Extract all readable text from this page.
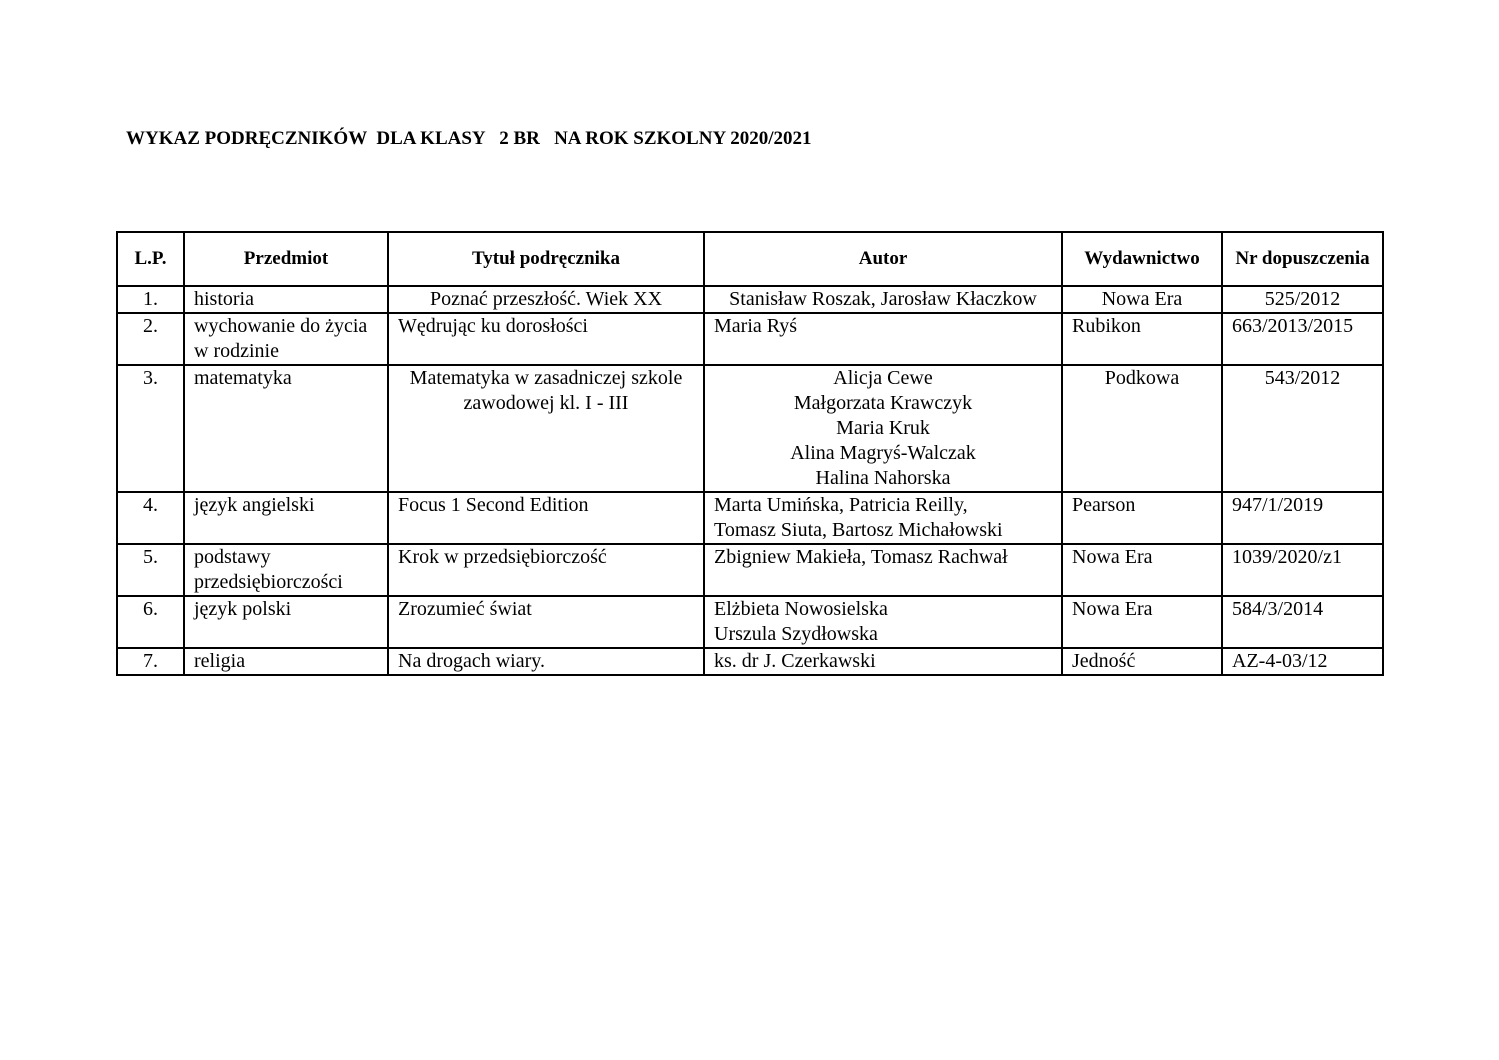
WYKAZ PODRĘCZNIKÓW  DLA KLASY   2 BR   NA ROK SZKOLNY 2020/2021
L.P.	Przedmiot	Tytuł podręcznika	Autor	Wydawnictwo	Nr dopuszczenia
1.	historia	Poznać przeszłość. Wiek XX	Stanisław Roszak, Jarosław Kłaczkow	Nowa Era	525/2012
2.	wychowanie do życia w rodzinie	Wędrując ku dorosłości	Maria Ryś	Rubikon	663/2013/2015
3.	matematyka	Matematyka w zasadniczej szkole zawodowej kl. I - III	Alicja Cewe
Małgorzata Krawczyk
Maria Kruk
Alina Magryś-Walczak
Halina Nahorska	Podkowa	543/2012
4.	język angielski	Focus 1 Second Edition	Marta Umińska, Patricia Reilly,
Tomasz Siuta, Bartosz Michałowski	Pearson	947/1/2019
5.	podstawy przedsiębiorczości	Krok w przedsiębiorczość	Zbigniew Makieła, Tomasz Rachwał	Nowa Era	1039/2020/z1
6.	język polski	Zrozumieć świat	Elżbieta Nowosielska
Urszula Szydłowska	Nowa Era	584/3/2014
7.	religia	Na drogach wiary.	ks. dr J. Czerkawski	Jedność	AZ-4-03/12
